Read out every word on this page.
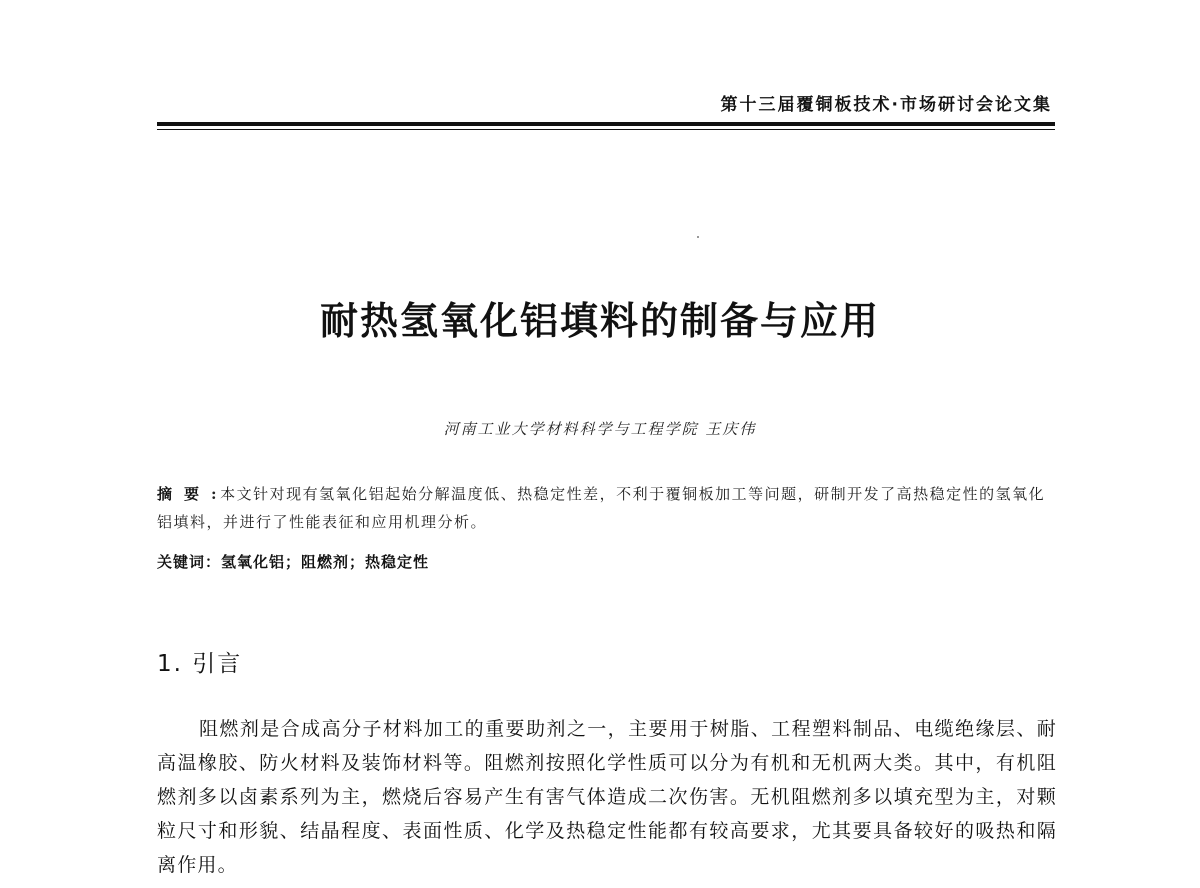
第十三届覆铜板技术·市场研讨会论文集
耐热氢氧化铝填料的制备与应用
河南工业大学材料科学与工程学院 王庆伟
摘要: 本文针对现有氢氧化铝起始分解温度低、热稳定性差，不利于覆铜板加工等问题，研制开发了高热稳定性的氢氧化铝填料，并进行了性能表征和应用机理分析。
关键词：氢氧化铝；阻燃剂；热稳定性
1. 引言

阻燃剂是合成高分子材料加工的重要助剂之一，主要用于树脂、工程塑料制品、电缆绝缘层、耐高温橡胶、防火材料及装饰材料等。阻燃剂按照化学性质可以分为有机和无机两大类。其中，有机阻燃剂多以卤素系列为主，燃烧后容易产生有害气体造成二次伤害。无机阻燃剂多以填充型为主，对颗粒尺寸和形貌、结晶程度、表面性质、化学及热稳定性能都有较高要求，尤其要具备较好的吸热和隔离作用。
